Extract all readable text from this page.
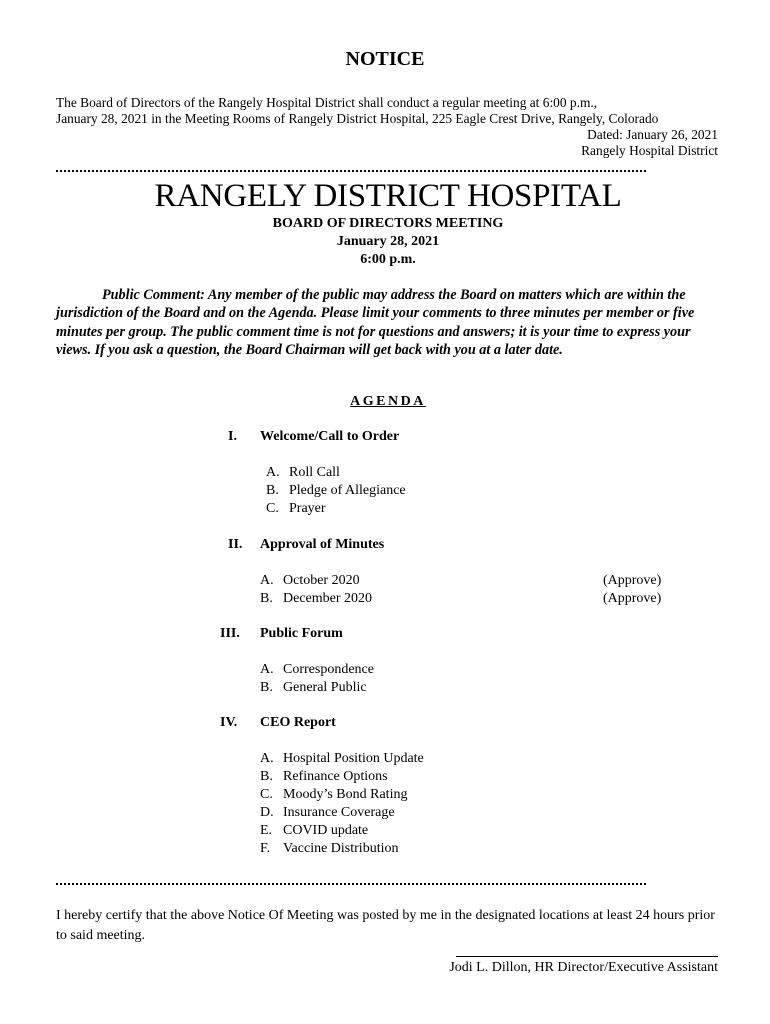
NOTICE
The Board of Directors of the Rangely Hospital District shall conduct a regular meeting at 6:00 p.m.,
January 28, 2021 in the Meeting Rooms of Rangely District Hospital, 225 Eagle Crest Drive, Rangely, Colorado
Dated: January 26, 2021
Rangely Hospital District
RANGELY DISTRICT HOSPITAL
BOARD OF DIRECTORS MEETING
January 28, 2021
6:00 p.m.
Public Comment: Any member of the public may address the Board on matters which are within the jurisdiction of the Board and on the Agenda. Please limit your comments to three minutes per member or five minutes per group. The public comment time is not for questions and answers; it is your time to express your views. If you ask a question, the Board Chairman will get back with you at a later date.
AGENDA
I. Welcome/Call to Order
A. Roll Call
B. Pledge of Allegiance
C. Prayer
II. Approval of Minutes
A. October 2020	(Approve)
B. December 2020	(Approve)
III. Public Forum
A. Correspondence
B. General Public
IV. CEO Report
A. Hospital Position Update
B. Refinance Options
C. Moody’s Bond Rating
D. Insurance Coverage
E. COVID update
F. Vaccine Distribution
I hereby certify that the above Notice Of Meeting was posted by me in the designated locations at least 24 hours prior to said meeting.
Jodi L. Dillon, HR Director/Executive Assistant
